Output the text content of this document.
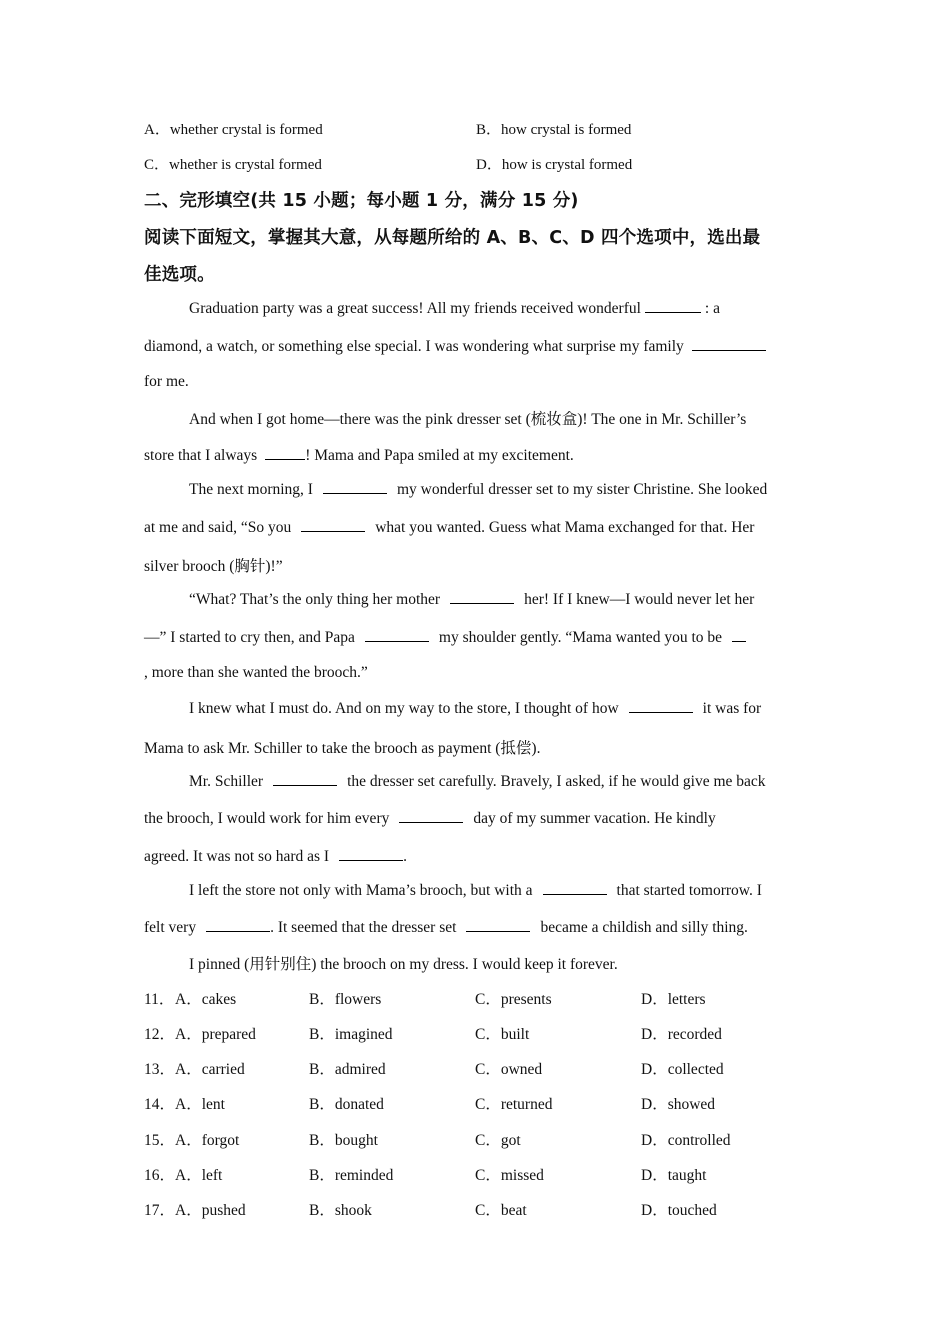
A．whether crystal is formed	B．how crystal is formed
C．whether is crystal formed	D．how is crystal formed
二、完形填空(共 15 小题；每小题 1 分，满分 15 分)
阅读下面短文，掌握其大意，从每题所给的 A、B、C、D 四个选项中，选出最
佳选项。
Graduation party was a great success! All my friends received wonderful	: a
diamond, a watch, or something else special. I was wondering what surprise my family
for me.
And when I got home—there was the pink dresser set (梳妆盒)! The one in Mr. Schiller’s
store that I always	! Mama and Papa smiled at my excitement.
The next morning, I	my wonderful dresser set to my sister Christine. She looked
at me and said, “So you	what you wanted. Guess what Mama exchanged for that. Her
silver brooch (胸针)!”
“What? That’s the only thing her mother	her! If I knew—I would never let her
—” I started to cry then, and Papa	my shoulder gently. “Mama wanted you to be
, more than she wanted the brooch.”
I knew what I must do. And on my way to the store, I thought of how	it was for
Mama to ask Mr. Schiller to take the brooch as payment (抵偿).
Mr. Schiller	the dresser set carefully. Bravely, I asked, if he would give me back
the brooch, I would work for him every	day of my summer vacation. He kindly
agreed. It was not so hard as I	.
I left the store not only with Mama’s brooch, but with a	that started tomorrow. I
felt very	. It seemed that the dresser set	became a childish and silly thing.
I pinned (用针别住) the brooch on my dress. I would keep it forever.
11． A．cakes	B．flowers	C．presents	D．letters
12． A．prepared	B．imagined	C．built	D．recorded
13． A．carried	B．admired	C．owned	D．collected
14． A．lent	B．donated	C．returned	D．showed
15． A．forgot	B．bought	C．got	D．controlled
16． A．left	B．reminded	C．missed	D．taught
17． A．pushed	B．shook	C．beat	D．touched
